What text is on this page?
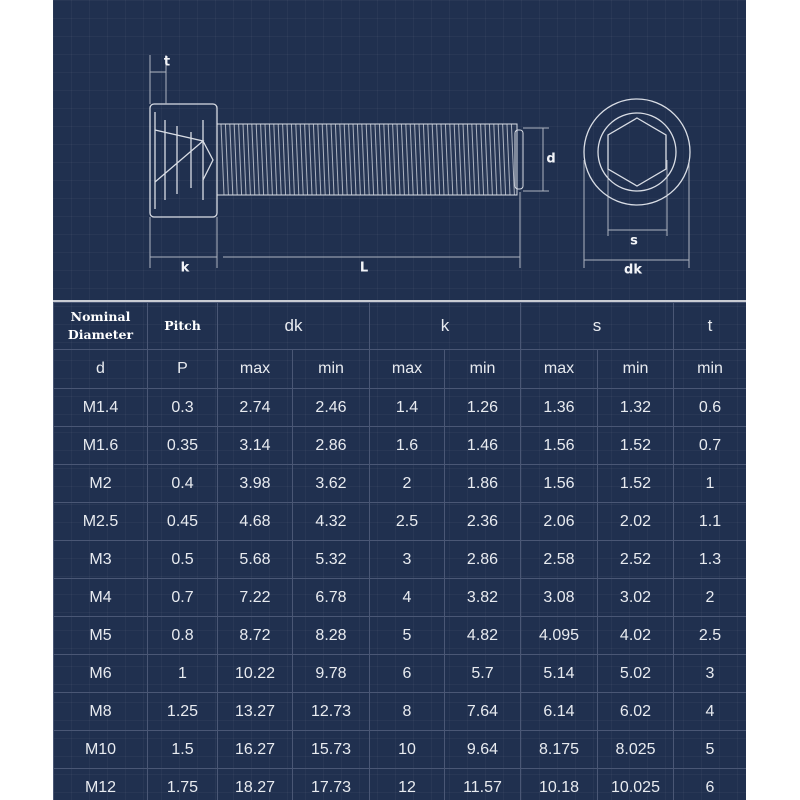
t
k	L
d
s
dk
Nominal
Diameter	Pitch	dk		k		s		t
d	P	max	min	max	min	max	min	min
M1.4	0.3	2.74	2.46	1.4	1.26	1.36	1.32	0.6
M1.6	0.35	3.14	2.86	1.6	1.46	1.56	1.52	0.7
M2	0.4	3.98	3.62	2	1.86	1.56	1.52	1
M2.5	0.45	4.68	4.32	2.5	2.36	2.06	2.02	1.1
M3	0.5	5.68	5.32	3	2.86	2.58	2.52	1.3
M4	0.7	7.22	6.78	4	3.82	3.08	3.02	2
M5	0.8	8.72	8.28	5	4.82	4.095	4.02	2.5
M6	1	10.22	9.78	6	5.7	5.14	5.02	3
M8	1.25	13.27	12.73	8	7.64	6.14	6.02	4
M10	1.5	16.27	15.73	10	9.64	8.175	8.025	5
M12	1.75	18.27	17.73	12	11.57	10.18	10.025	6
